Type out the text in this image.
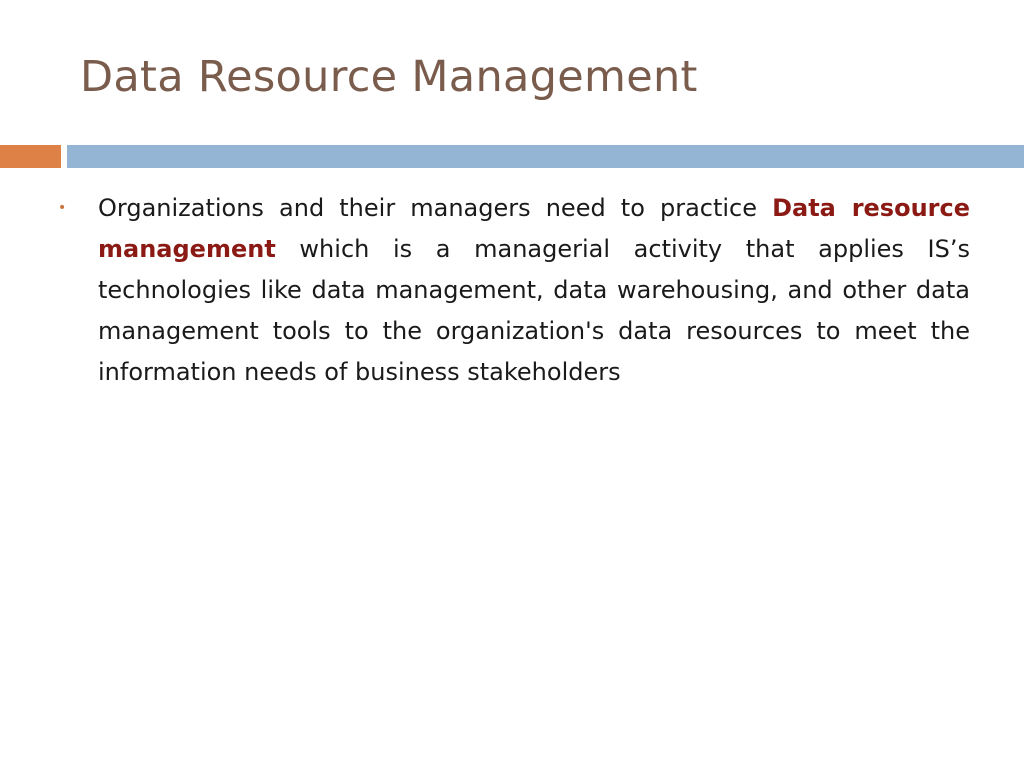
Data Resource Management
• Organizations and their managers need to practice Data resource management which is a managerial activity that applies IS’s technologies like data management, data warehousing, and other data management tools to the organization's data resources to meet the information needs of business stakeholders
